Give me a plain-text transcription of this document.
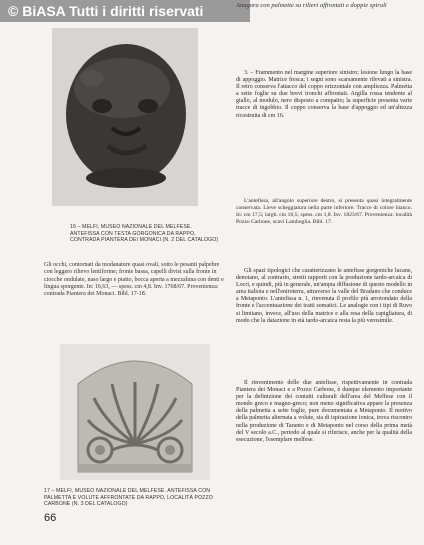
© BiASA Tutti i diritti riservati	Anagora con palmette su rilievi affrontati e doppie spirali
16 – MELFI, MUSEO NAZIONALE DEL MELFESE. ANTEFISSA CON TESTA GORGONICA DA RAPPO, CONTRADA PIANTERA DEI MONACI (N. 2 DEL CATALOGO)
Gli occhi, contornati da modanature quasi ovali, sotto le pesanti palpebre con leggero rilievo lentiforme; fronte bassa, capelli divisi sulla fronte in ciocche ondulate, naso largo e piatto, bocca aperta a mezzaluna con denti e lingua sporgente. In: 16,63, — spess. cm 4,8. Inv. 1768/67. Provenienza: contrada Piantera dei Monaci. Bibl. 17-18.
17 – MELFI, MUSEO NAZIONALE DEL MELFESE. ANTEFISSA CON PALMETTA E VOLUTE AFFRONTATE DA RAPPO, LOCALITÀ POZZO CARBONE (N. 3 DEL CATALOGO)
66

3. – Frammento nel margine superiore sinistro; lesione lungo la base di appoggio. Matrice fresca; i segni sono scarsamente rilevati a sinistra. Il retro conserva l'attacco del coppo orizzontale con ampliezza. Palmetta a sette foglie su due brevi tronchi affrontati. Argilla rossa tendente al giallo, al modulo, nero disposto a compatto; la superficie presenta varie tracce di ingobbio. Il coppo conserva la base d'appoggio ed un'altezza ricostruita di cm 16.

L'antefissa, all'angolo superiore destro, si presenta quasi integralmente conservata. Lieve scheggiatura nella parte inferiore. Tracce di colore bianco. In: cm 17,5; largh. cm 16,5; spess. cm 1,8. Inv. 1823/67. Provenienza: località Pozzo Carbone, scavi Lamboglia. Bibl. 17.

Gli spazi tipologici che caratterizzano le antefisse gorgoniche lucane, denotano, al contrario, stretti rapporti con la produzione tardo-arcaica di Locri, e quindi, più in generale, un'ampia diffusione di questo modello in area italiota e nell'entroterra, attraverso la valle del Bradano che conduce a Metaponto. L'antefissa n. 1, rinvenuta il profilo più arrotondato della fronte e l'accentuazione dei tratti somatici. Le analogie con i tipi di Ruvo si limitano, invece, all'uso della matrice e alla resa della capigliatura, di modo che la datazione in età tardo-arcaica resta la più verosimile.

Il rinvenimento delle due antefisse, rispettivamente in contrada Piantera dei Monaci e a Pozzo Carbone, è dunque elemento importante per la definizione dei contatti culturali dell'area del Melfese con il mondo greco e magno-greco; non meno significativa appare la presenza della palmetta a sette foglie, pure documentata a Metaponto. Il motivo della palmetta alternata a volute, sia di ispirazione ionica, trova riscontro nella produzione di Taranto e di Metaponto nel corso della prima metà del V secolo a.C., periodo al quale si riferisce, anche per la qualità della esecuzione, l'esemplare melfese.
